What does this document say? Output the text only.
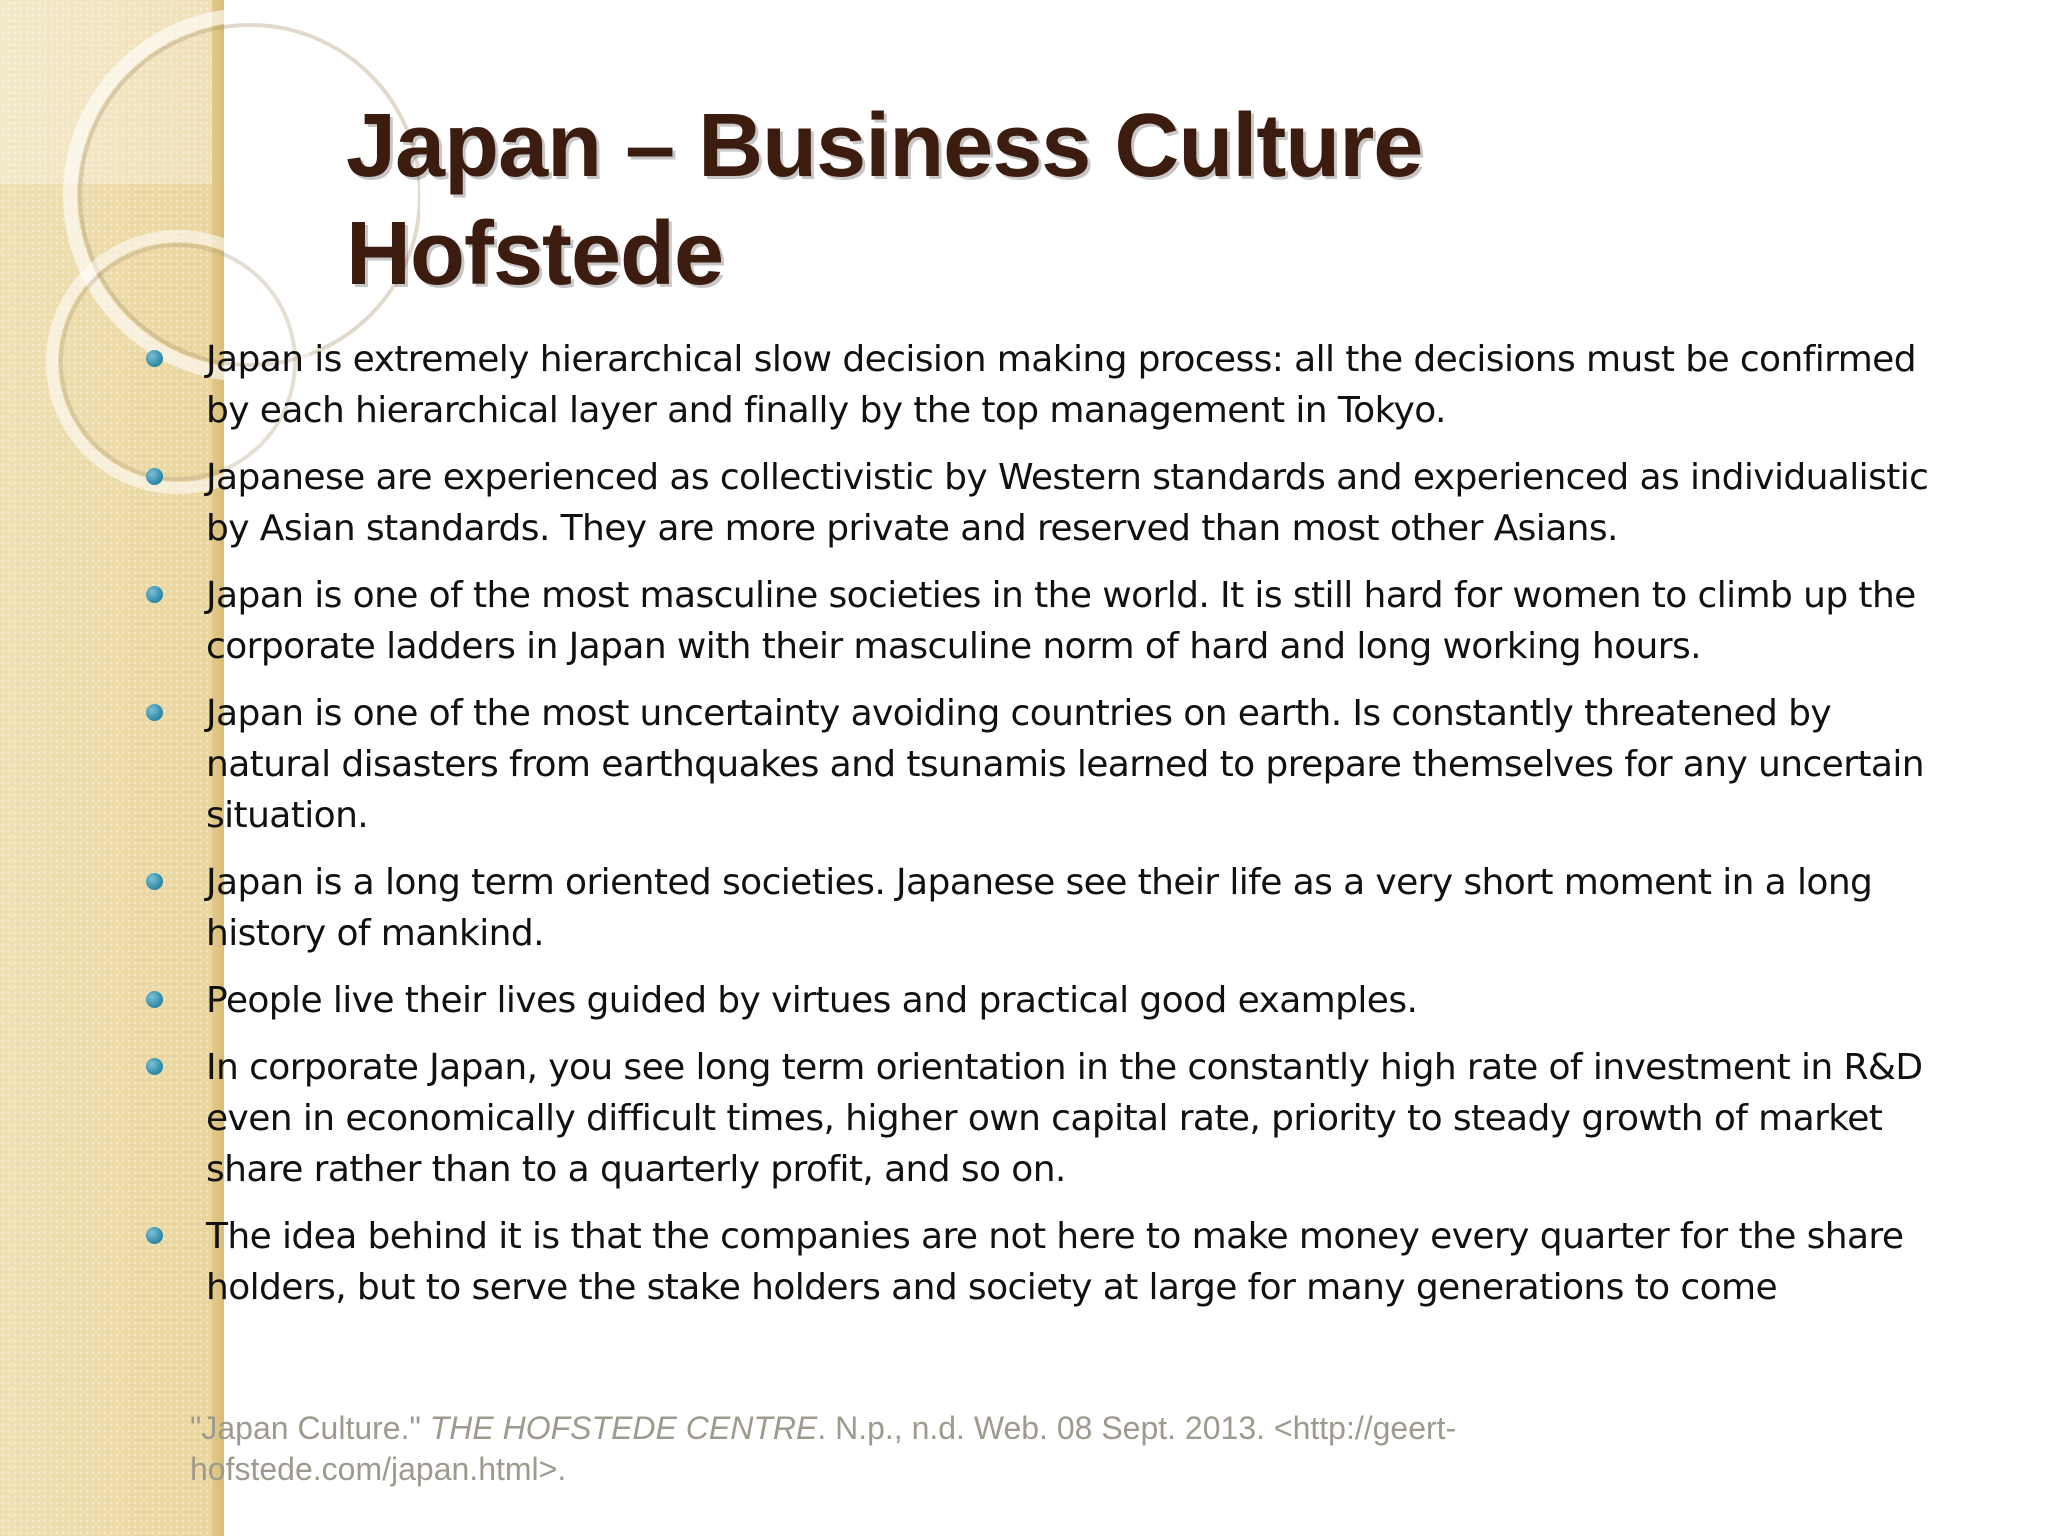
Japan – Business Culture
Hofstede
Japan is extremely hierarchical slow decision making process: all the decisions must be confirmed by each hierarchical layer and finally by the top management in Tokyo.
Japanese are experienced as collectivistic by Western standards and experienced as individualistic by Asian standards. They are more private and reserved than most other Asians.
Japan is one of the most masculine societies in the world. It is still hard for women to climb up the corporate ladders in Japan with their masculine norm of hard and long working hours.
Japan is one of the most uncertainty avoiding countries on earth. Is constantly threatened by natural disasters from earthquakes and tsunamis learned to prepare themselves for any uncertain situation.
Japan is a long term oriented societies. Japanese see their life as a very short moment in a long history of mankind.
People live their lives guided by virtues and practical good examples.
In corporate Japan, you see long term orientation in the constantly high rate of investment in R&D even in economically difficult times, higher own capital rate, priority to steady growth of market share rather than to a quarterly profit, and so on.
The idea behind it is that the companies are not here to make money every quarter for the share holders, but to serve the stake holders and society at large for many generations to come

"Japan Culture." THE HOFSTEDE CENTRE. N.p., n.d. Web. 08 Sept. 2013. <http://geert-hofstede.com/japan.html>.
